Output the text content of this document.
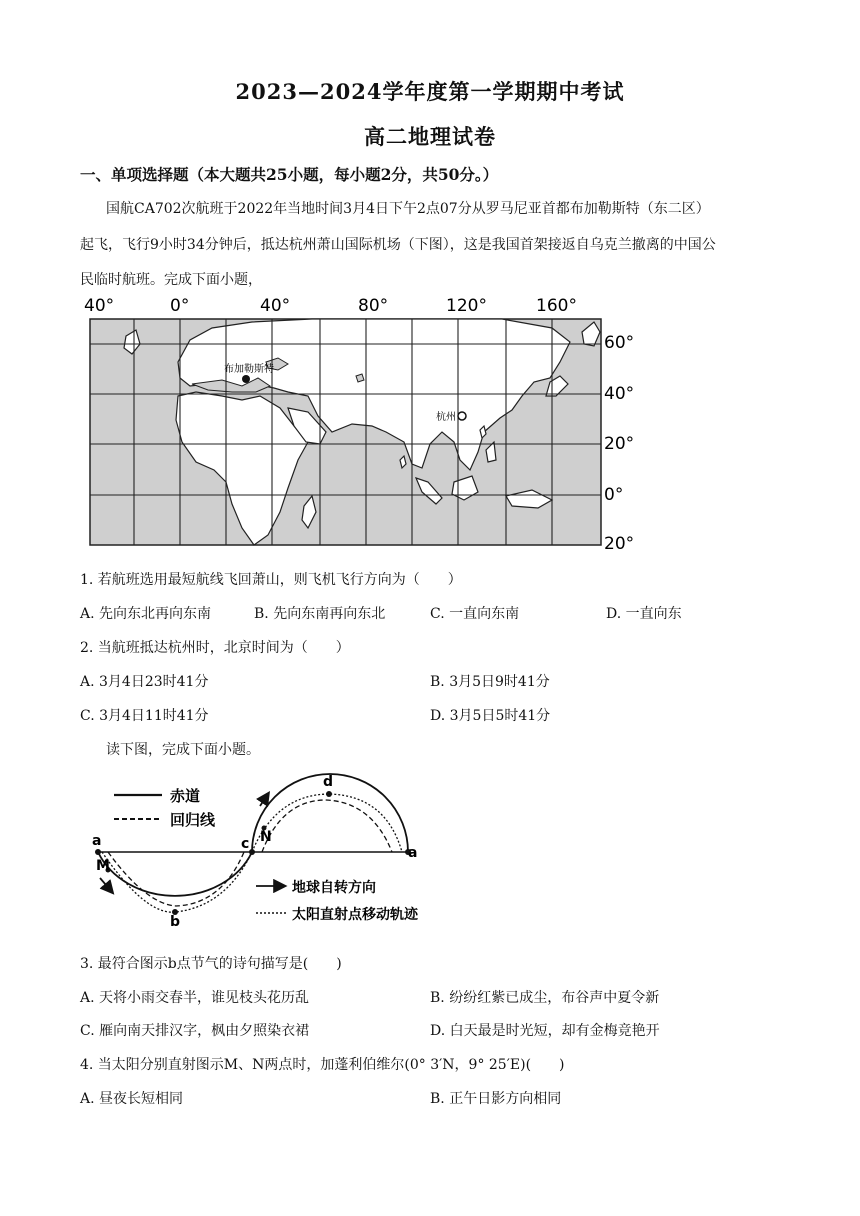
2023—2024学年度第一学期期中考试
高二地理试卷
一、单项选择题（本大题共25小题，每小题2分，共50分。）
国航CA702次航班于2022年当地时间3月4日下午2点07分从罗马尼亚首都布加勒斯特（东二区）
起飞，飞行9小时34分钟后，抵达杭州萧山国际机场（下图），这是我国首架接返自乌克兰撤离的中国公
民临时航班。完成下面小题，
40°	0°	40°	80°	120°	160°
60°
40°
20°
0°
20°
布加勒斯特
杭州
1. 若航班选用最短航线飞回萧山，则飞机飞行方向为（　　）
A. 先向东北再向东南	B. 先向东南再向东北	C. 一直向东南	D. 一直向东
2. 当航班抵达杭州时，北京时间为（　　）
A. 3月4日23时41分	B. 3月5日9时41分
C. 3月4日11时41分	D. 3月5日5时41分
读下图，完成下面小题。
赤道
回归线
a
a
c
b
d
M
N
地球自转方向
太阳直射点移动轨迹
3. 最符合图示b点节气的诗句描写是(　　)
A. 天将小雨交春半，谁见枝头花历乱	B. 纷纷红紫已成尘，布谷声中夏令新
C. 雁向南天排汉字，枫由夕照染衣裙	D. 白天最是时光短，却有金梅竞艳开
4. 当太阳分别直射图示M、N两点时，加蓬利伯维尔(0° 3′N，9° 25′E)(　　)
A. 昼夜长短相同	B. 正午日影方向相同
